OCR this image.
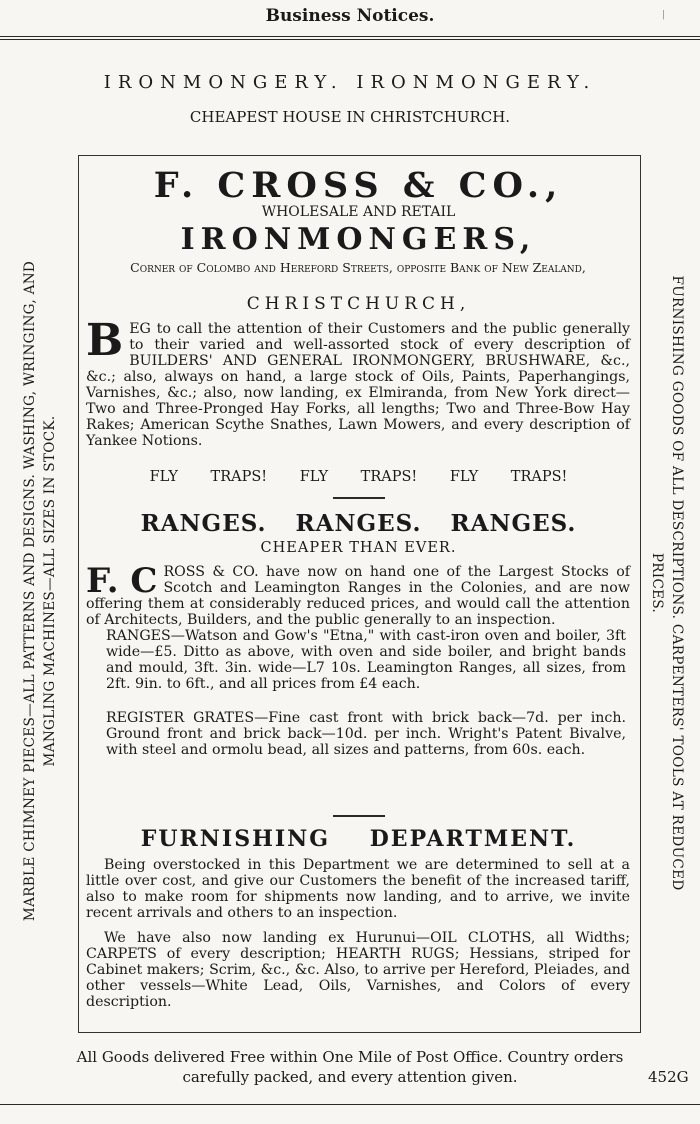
Business Notices.	|
IRONMONGERY. IRONMONGERY.
CHEAPEST HOUSE IN CHRISTCHURCH.
MARBLE CHIMNEY PIECES—ALL PATTERNS AND DESIGNS. WASHING, WRINGING, AND MANGLING MACHINES—ALL SIZES IN STOCK.	FURNISHING GOODS OF ALL DESCRIPTIONS. CARPENTERS' TOOLS AT REDUCED
PRICES.
F. CROSS & CO.,
WHOLESALE AND RETAIL
IRONMONGERS,
Corner of Colombo and Hereford Streets, opposite Bank of New Zealand,
CHRISTCHURCH,
BEG to call the attention of their Customers and the public generally to their varied and well-assorted stock of every description of BUILDERS' AND GENERAL IRONMONGERY, BRUSHWARE, &c., &c.; also, always on hand, a large stock of Oils, Paints, Paperhangings, Varnishes, &c.; also, now landing, ex Elmiranda, from New York direct—Two and Three-Pronged Hay Forks, all lengths; Two and Three-Bow Hay Rakes; American Scythe Snathes, Lawn Mowers, and every description of Yankee Notions.
FLY TRAPS! FLY TRAPS! FLY TRAPS!
RANGES. RANGES. RANGES.
CHEAPER THAN EVER.
F. C ROSS & CO. have now on hand one of the Largest Stocks of Scotch and Leamington Ranges in the Colonies, and are now offering them at considerably reduced prices, and would call the attention of Architects, Builders, and the public generally to an inspection.
RANGES—Watson and Gow's "Etna," with cast-iron oven and boiler, 3ft wide—£5. Ditto as above, with oven and side boiler, and bright bands and mould, 3ft. 3in. wide—L7 10s. Leamington Ranges, all sizes, from 2ft. 9in. to 6ft., and all prices from £4 each.
REGISTER GRATES—Fine cast front with brick back—7d. per inch. Ground front and brick back—10d. per inch. Wright's Patent Bivalve, with steel and ormolu bead, all sizes and patterns, from 60s. each.
FURNISHING DEPARTMENT.
Being overstocked in this Department we are determined to sell at a little over cost, and give our Customers the benefit of the increased tariff, also to make room for shipments now landing, and to arrive, we invite recent arrivals and others to an inspection.
We have also now landing ex Hurunui—OIL CLOTHS, all Widths; CARPETS of every description; HEARTH RUGS; Hessians, striped for Cabinet makers; Scrim, &c., &c. Also, to arrive per Hereford, Pleiades, and other vessels—White Lead, Oils, Varnishes, and Colors of every description.
All Goods delivered Free within One Mile of Post Office. Country orders
carefully packed, and every attention given.	452G
